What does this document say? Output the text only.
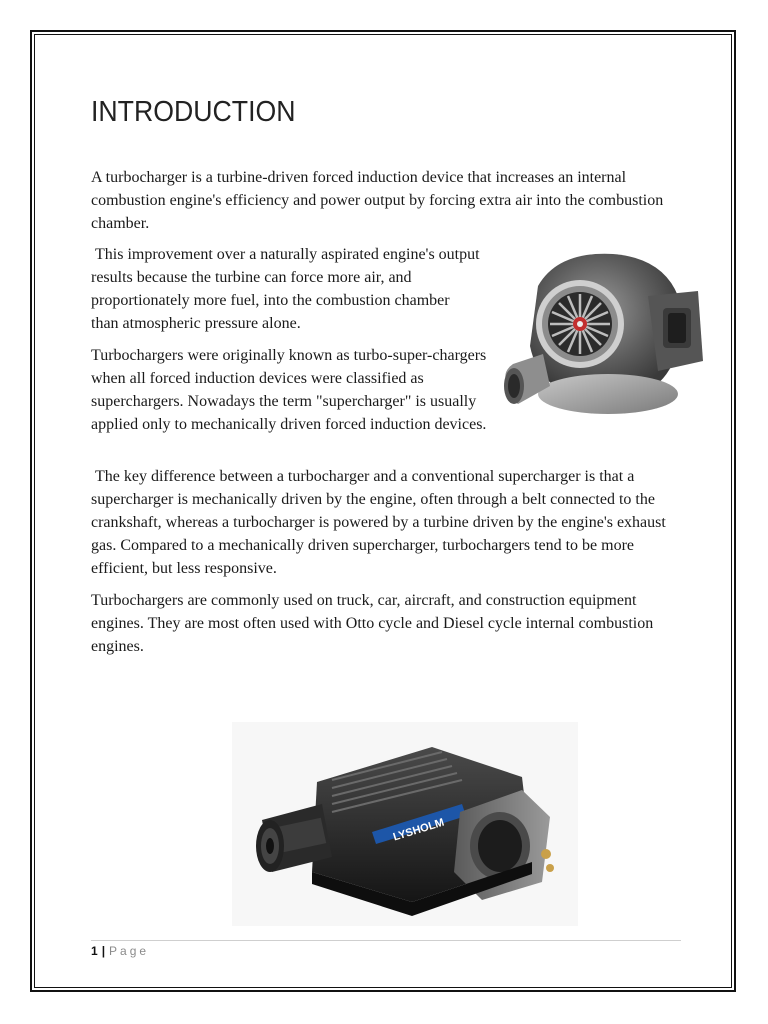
INTRODUCTION

A turbocharger is a turbine-driven forced induction device that increases an internal combustion engine's efficiency and power output by forcing extra air into the combustion chamber.

This improvement over a naturally aspirated engine's output results because the turbine can force more air, and proportionately more fuel, into the combustion chamber than atmospheric pressure alone.

Turbochargers were originally known as turbo-super-chargers when all forced induction devices were classified as superchargers. Nowadays the term "supercharger" is usually applied only to mechanically driven forced induction devices.

The key difference between a turbocharger and a conventional supercharger is that a supercharger is mechanically driven by the engine, often through a belt connected to the crankshaft, whereas a turbocharger is powered by a turbine driven by the engine's exhaust gas. Compared to a mechanically driven supercharger, turbochargers tend to be more efficient, but less responsive.

Turbochargers are commonly used on truck, car, aircraft, and construction equipment engines. They are most often used with Otto cycle and Diesel cycle internal combustion engines.

LYSHOLM
1 | Page
